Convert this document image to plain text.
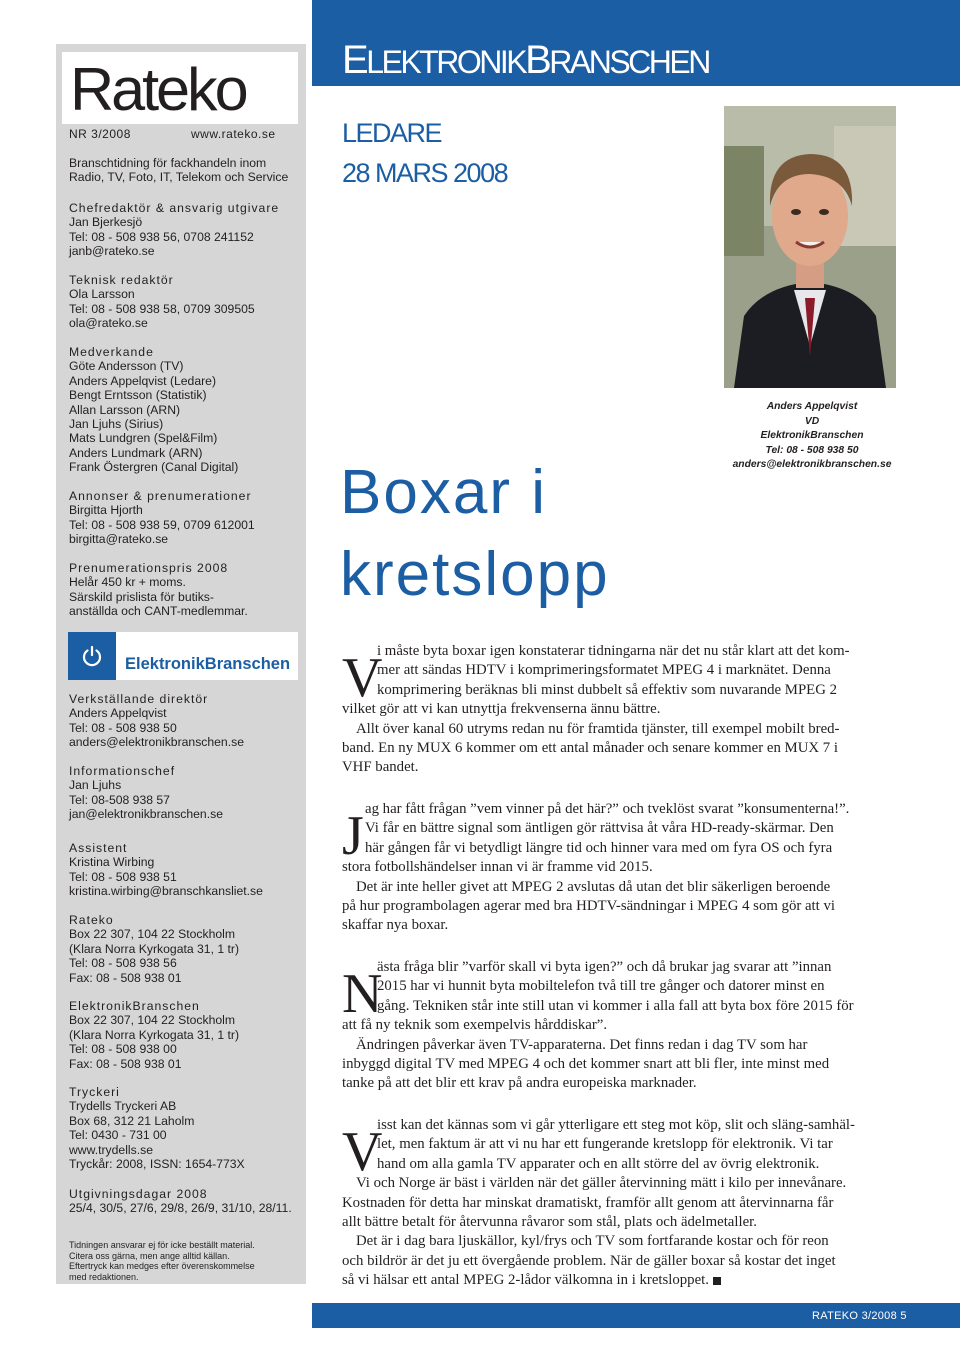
Rateko
NR 3/2008	www.rateko.se
Branschtidning för fackhandeln inom
Radio, TV, Foto, IT, Telekom och Service
Chefredaktör & ansvarig utgivare
Jan Bjerkesjö
Tel: 08 - 508 938 56, 0708 241152
janb@rateko.se
Teknisk redaktör
Ola Larsson
Tel: 08 - 508 938 58, 0709 309505
ola@rateko.se
Medverkande
Göte Andersson (TV)
Anders Appelqvist (Ledare)
Bengt Erntsson (Statistik)
Allan Larsson (ARN)
Jan Ljuhs (Sirius)
Mats Lundgren (Spel&Film)
Anders Lundmark (ARN)
Frank Östergren (Canal Digital)
Annonser & prenumerationer
Birgitta Hjorth
Tel: 08 - 508 938 59, 0709 612001
birgitta@rateko.se
Prenumerationspris 2008
Helår 450 kr + moms.
Särskild prislista för butiks-
anställda och CANT-medlemmar.
ElektronikBranschen
Verkställande direktör
Anders Appelqvist
Tel: 08 - 508 938 50
anders@elektronikbranschen.se
Informationschef
Jan Ljuhs
Tel: 08-508 938 57
jan@elektronikbranschen.se
Assistent
Kristina Wirbing
Tel: 08 - 508 938 51
kristina.wirbing@branschkansliet.se
Rateko
Box 22 307, 104 22 Stockholm
(Klara Norra Kyrkogata 31, 1 tr)
Tel: 08 - 508 938 56
Fax: 08 - 508 938 01
ElektronikBranschen
Box 22 307, 104 22 Stockholm
(Klara Norra Kyrkogata 31, 1 tr)
Tel: 08 - 508 938 00
Fax: 08 - 508 938 01
Tryckeri
Trydells Tryckeri AB
Box 68, 312 21 Laholm
Tel: 0430 - 731 00
www.trydells.se
Tryckår: 2008, ISSN: 1654-773X
Utgivningsdagar 2008
25/4, 30/5, 27/6, 29/8, 26/9, 31/10, 28/11.
Tidningen ansvarar ej för icke beställt material.
Citera oss gärna, men ange alltid källan.
Eftertryck kan medges efter överenskommelse
med redaktionen.
ELEKTRONIKBRANSCHEN
LEDARE
28 MARS 2008
Anders Appelqvist
VD
ElektronikBranschen
Tel: 08 - 508 938 50
anders@elektronikbranschen.se
Boxar i
kretslopp
V
i måste byta boxar igen konstaterar tidningarna när det nu står klart att det kom-
mer att sändas HDTV i komprimeringsformatet MPEG 4 i marknätet. Denna
komprimering beräknas bli minst dubbelt så effektiv som nuvarande MPEG 2
vilket gör att vi kan utnyttja frekvenserna ännu bättre.
Allt över kanal 60 utryms redan nu för framtida tjänster, till exempel mobilt bred-
band. En ny MUX 6 kommer om ett antal månader och senare kommer en MUX 7 i
VHF bandet.
J ag har fått frågan ”vem vinner på det här?” och tveklöst svarat ”konsumenterna!”.
Vi får en bättre signal som äntligen gör rättvisa åt våra HD-ready-skärmar. Den
här gången får vi betydligt längre tid och hinner vara med om fyra OS och fyra
stora fotbollshändelser innan vi är framme vid 2015.
Det är inte heller givet att MPEG 2 avslutas då utan det blir säkerligen beroende
på hur programbolagen agerar med bra HDTV-sändningar i MPEG 4 som gör att vi
skaffar nya boxar.
N
ästa fråga blir ”varför skall vi byta igen?” och då brukar jag svarar att ”innan
2015 har vi hunnit byta mobiltelefon två till tre gånger och datorer minst en
gång. Tekniken står inte still utan vi kommer i alla fall att byta box före 2015 för
att få ny teknik som exempelvis hårddiskar”.
Ändringen påverkar även TV-apparaterna. Det finns redan i dag TV som har
inbyggd digital TV med MPEG 4 och det kommer snart att bli fler, inte minst med
tanke på att det blir ett krav på andra europeiska marknader.
V
isst kan det kännas som vi går ytterligare ett steg mot köp, slit och släng-samhäl-
let, men faktum är att vi nu har ett fungerande kretslopp för elektronik. Vi tar
hand om alla gamla TV apparater och en allt större del av övrig elektronik.
Vi och Norge är bäst i världen när det gäller återvinning mätt i kilo per innevånare.
Kostnaden för detta har minskat dramatiskt, framför allt genom att återvinnarna får
allt bättre betalt för återvunna råvaror som stål, plats och ädelmetaller.
Det är i dag bara ljuskällor, kyl/frys och TV som fortfarande kostar och för reon
och bildrör är det ju ett övergående problem. När de gäller boxar så kostar det inget
så vi hälsar ett antal MPEG 2-lådor välkomna in i kretsloppet.
RATEKO 3/2008 5
